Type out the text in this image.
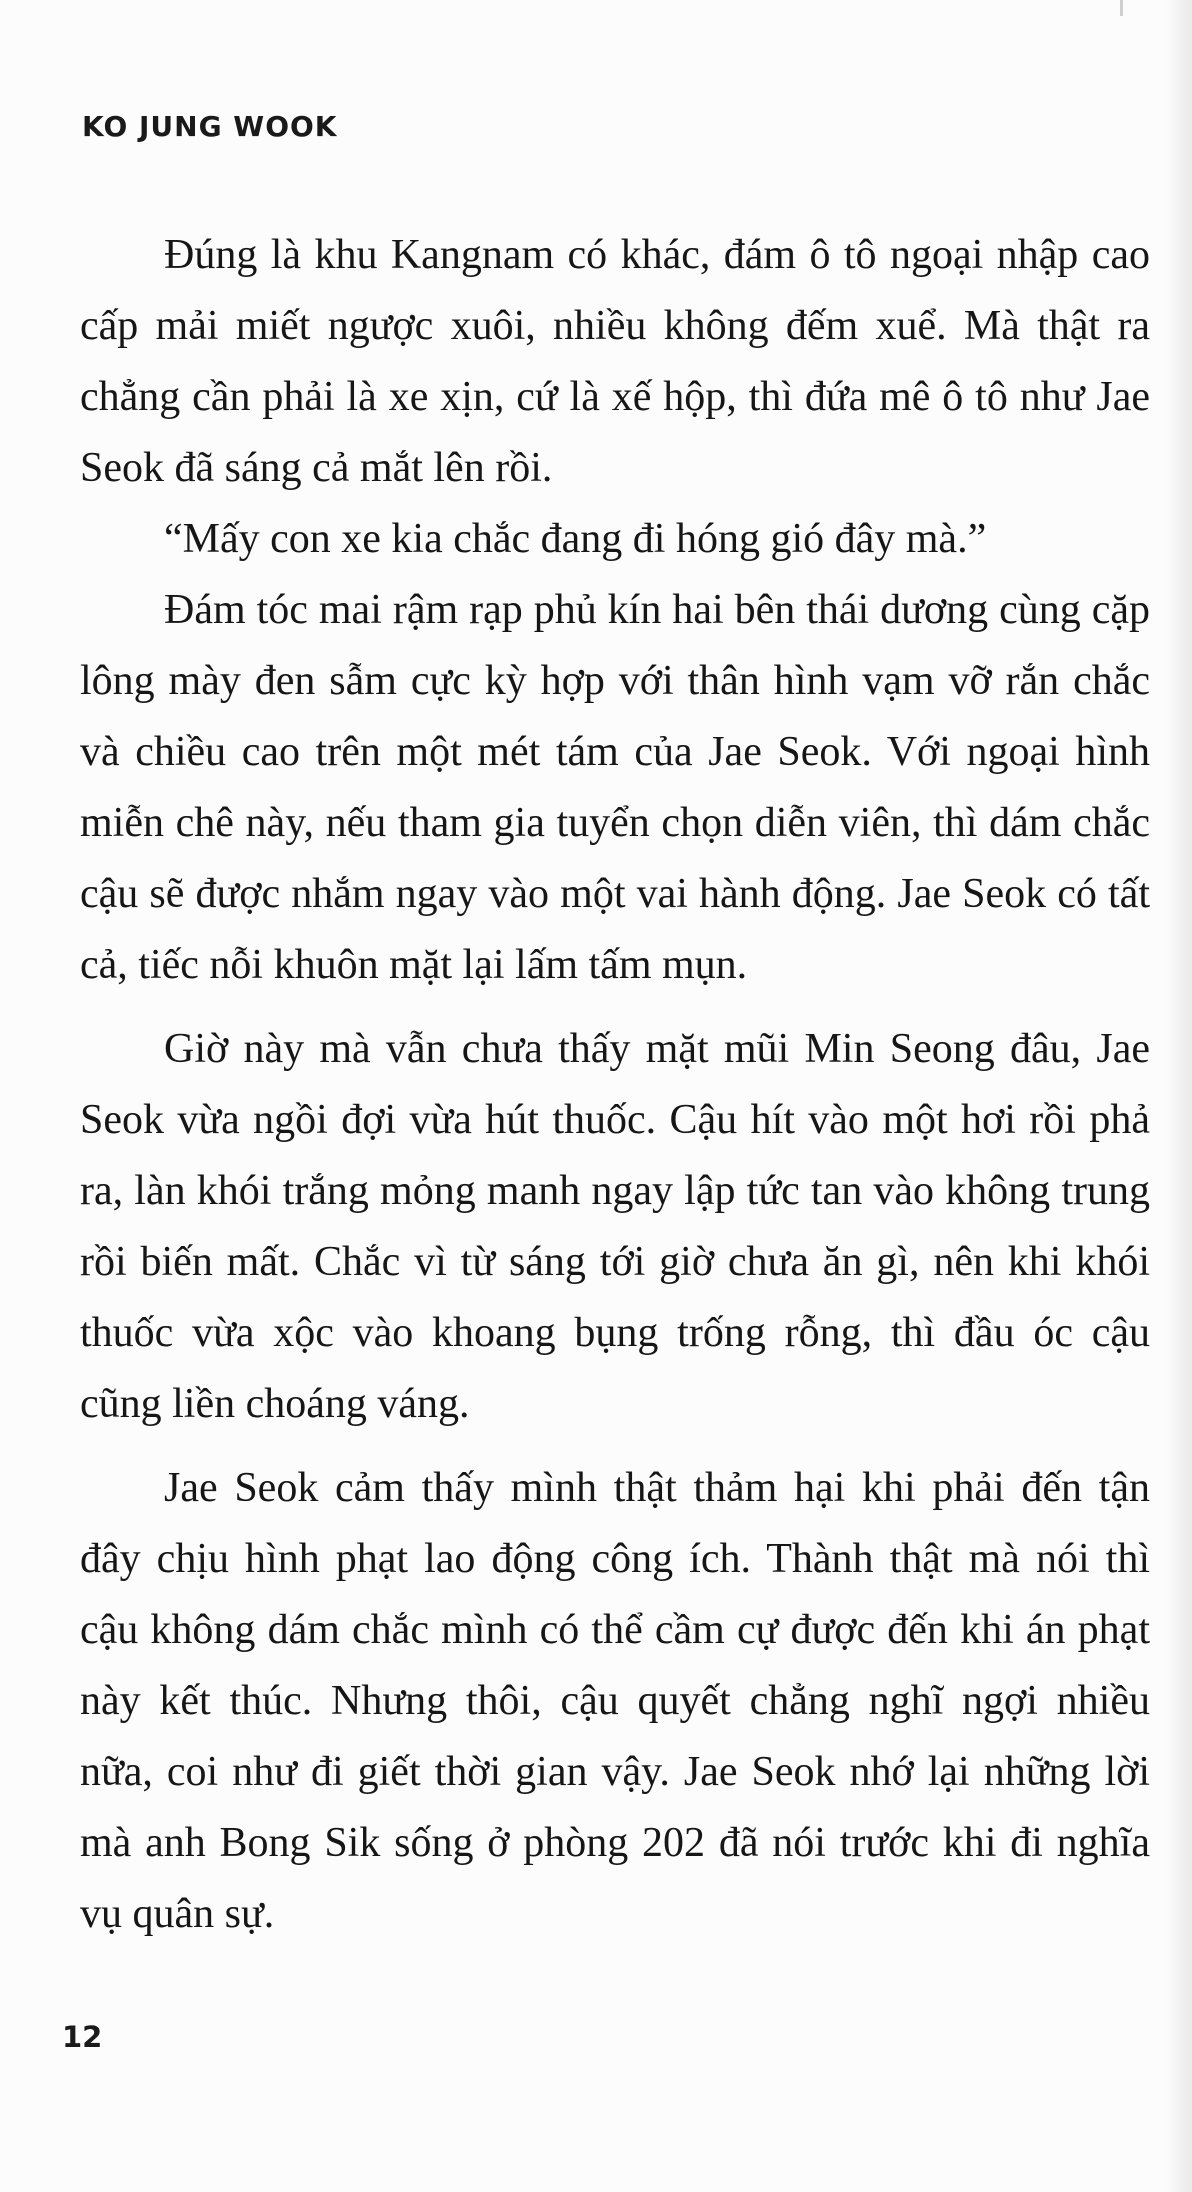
KO JUNG WOOK

Đúng là khu Kangnam có khác, đám ô tô ngoại nhập cao cấp mải miết ngược xuôi, nhiều không đếm xuể. Mà thật ra chẳng cần phải là xe xịn, cứ là xế hộp, thì đứa mê ô tô như Jae Seok đã sáng cả mắt lên rồi.

“Mấy con xe kia chắc đang đi hóng gió đây mà.”

Đám tóc mai rậm rạp phủ kín hai bên thái dương cùng cặp lông mày đen sẫm cực kỳ hợp với thân hình vạm vỡ rắn chắc và chiều cao trên một mét tám của Jae Seok. Với ngoại hình miễn chê này, nếu tham gia tuyển chọn diễn viên, thì dám chắc cậu sẽ được nhắm ngay vào một vai hành động. Jae Seok có tất cả, tiếc nỗi khuôn mặt lại lấm tấm mụn.

Giờ này mà vẫn chưa thấy mặt mũi Min Seong đâu, Jae Seok vừa ngồi đợi vừa hút thuốc. Cậu hít vào một hơi rồi phả ra, làn khói trắng mỏng manh ngay lập tức tan vào không trung rồi biến mất. Chắc vì từ sáng tới giờ chưa ăn gì, nên khi khói thuốc vừa xộc vào khoang bụng trống rỗng, thì đầu óc cậu cũng liền choáng váng.

Jae Seok cảm thấy mình thật thảm hại khi phải đến tận đây chịu hình phạt lao động công ích. Thành thật mà nói thì cậu không dám chắc mình có thể cầm cự được đến khi án phạt này kết thúc. Nhưng thôi, cậu quyết chẳng nghĩ ngợi nhiều nữa, coi như đi giết thời gian vậy. Jae Seok nhớ lại những lời mà anh Bong Sik sống ở phòng 202 đã nói trước khi đi nghĩa vụ quân sự.

12
